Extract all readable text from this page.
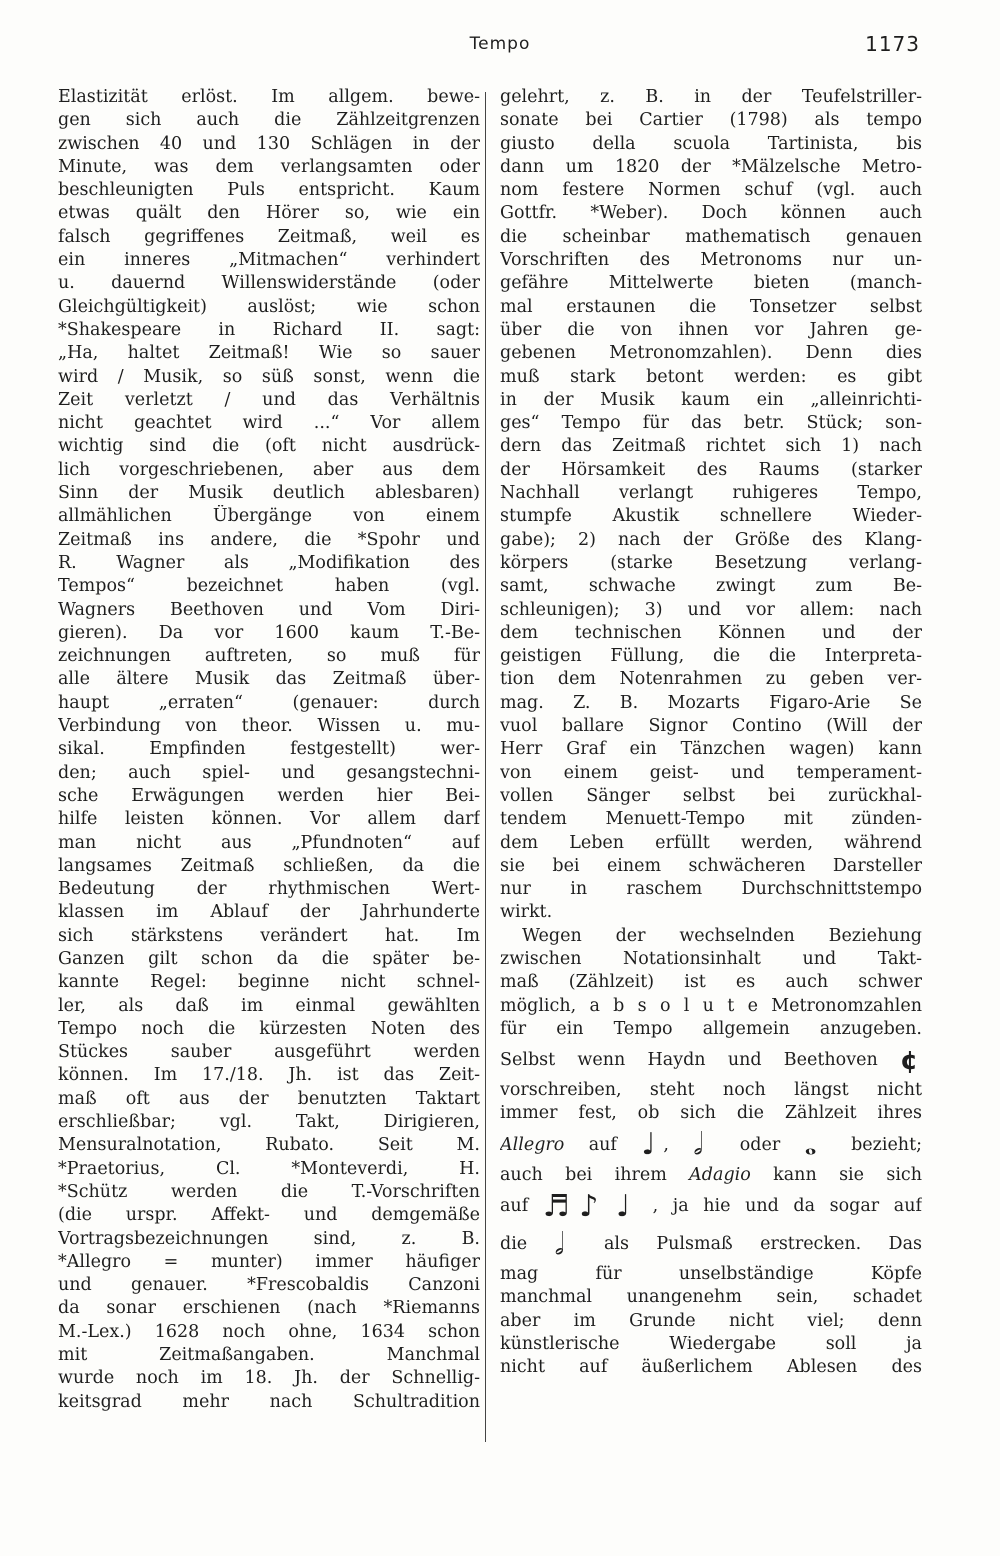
Tempo	1173
Elastizität erlöst. Im allgem. bewe-
gen sich auch die Zählzeitgrenzen
zwischen 40 und 130 Schlägen in der
Minute, was dem verlangsamten oder
beschleunigten Puls entspricht. Kaum
etwas quält den Hörer so, wie ein
falsch gegriffenes Zeitmaß, weil es
ein inneres „Mitmachen“ verhindert
u. dauernd Willenswiderstände (oder
Gleichgültigkeit) auslöst; wie schon
*Shakespeare in Richard II. sagt:
„Ha, haltet Zeitmaß! Wie so sauer
wird / Musik, so süß sonst, wenn die
Zeit verletzt / und das Verhältnis
nicht geachtet wird ...“ Vor allem
wichtig sind die (oft nicht ausdrück-
lich vorgeschriebenen, aber aus dem
Sinn der Musik deutlich ablesbaren)
allmählichen Übergänge von einem
Zeitmaß ins andere, die *Spohr und
R. Wagner als „Modifikation des
Tempos“ bezeichnet haben (vgl.
Wagners Beethoven und Vom Diri-
gieren). Da vor 1600 kaum T.-Be-
zeichnungen auftreten, so muß für
alle ältere Musik das Zeitmaß über-
haupt „erraten“ (genauer: durch
Verbindung von theor. Wissen u. mu-
sikal. Empfinden festgestellt) wer-
den; auch spiel- und gesangstechni-
sche Erwägungen werden hier Bei-
hilfe leisten können. Vor allem darf
man nicht aus „Pfundnoten“ auf
langsames Zeitmaß schließen, da die
Bedeutung der rhythmischen Wert-
klassen im Ablauf der Jahrhunderte
sich stärkstens verändert hat. Im
Ganzen gilt schon da die später be-
kannte Regel: beginne nicht schnel-
ler, als daß im einmal gewählten
Tempo noch die kürzesten Noten des
Stückes sauber ausgeführt werden
können. Im 17./18. Jh. ist das Zeit-
maß oft aus der benutzten Taktart
erschließbar; vgl. Takt, Dirigieren,
Mensuralnotation, Rubato. Seit M.
*Praetorius, Cl. *Monteverdi, H.
*Schütz werden die T.-Vorschriften
(die urspr. Affekt- und demgemäße
Vortragsbezeichnungen sind, z. B.
*Allegro = munter) immer häufiger
und genauer. *Frescobaldis Canzoni
da sonar erschienen (nach *Riemanns
M.-Lex.) 1628 noch ohne, 1634 schon
mit Zeitmaßangaben. Manchmal
wurde noch im 18. Jh. der Schnellig-
keitsgrad mehr nach Schultradition
gelehrt, z. B. in der Teufelstriller-
sonate bei Cartier (1798) als tempo
giusto della scuola Tartinista, bis
dann um 1820 der *Mälzelsche Metro-
nom festere Normen schuf (vgl. auch
Gottfr. *Weber). Doch können auch
die scheinbar mathematisch genauen
Vorschriften des Metronoms nur un-
gefähre Mittelwerte bieten (manch-
mal erstaunen die Tonsetzer selbst
über die von ihnen vor Jahren ge-
gebenen Metronomzahlen). Denn dies
muß stark betont werden: es gibt
in der Musik kaum ein „alleinrichti-
ges“ Tempo für das betr. Stück; son-
dern das Zeitmaß richtet sich 1) nach
der Hörsamkeit des Raums (starker
Nachhall verlangt ruhigeres Tempo,
stumpfe Akustik schnellere Wieder-
gabe); 2) nach der Größe des Klang-
körpers (starke Besetzung verlang-
samt, schwache zwingt zum Be-
schleunigen); 3) und vor allem: nach
dem technischen Können und der
geistigen Füllung, die die Interpreta-
tion dem Notenrahmen zu geben ver-
mag. Z. B. Mozarts Figaro-Arie Se
vuol ballare Signor Contino (Will der
Herr Graf ein Tänzchen wagen) kann
von einem geist- und temperament-
vollen Sänger selbst bei zurückhal-
tendem Menuett-Tempo mit zünden-
dem Leben erfüllt werden, während
sie bei einem schwächeren Darsteller
nur in raschem Durchschnittstempo
wirkt.
Wegen der wechselnden Beziehung
zwischen Notationsinhalt und Takt-
maß (Zählzeit) ist es auch schwer
möglich, a b s o l u t e Metronomzahlen
für ein Tempo allgemein anzugeben.
Selbst wenn Haydn und Beethoven ¢
vorschreiben, steht noch längst nicht
immer fest, ob sich die Zählzeit ihres
Allegro auf ♩ , 𝅗𝅥 oder 𝅝 bezieht;
auch bei ihrem Adagio kann sie sich
auf ♬ ♪ ♩ , ja hie und da sogar auf
die 𝅗𝅥 als Pulsmaß erstrecken. Das
mag für unselbständige Köpfe
manchmal unangenehm sein, schadet
aber im Grunde nicht viel; denn
künstlerische Wiedergabe soll ja
nicht auf äußerlichem Ablesen des
